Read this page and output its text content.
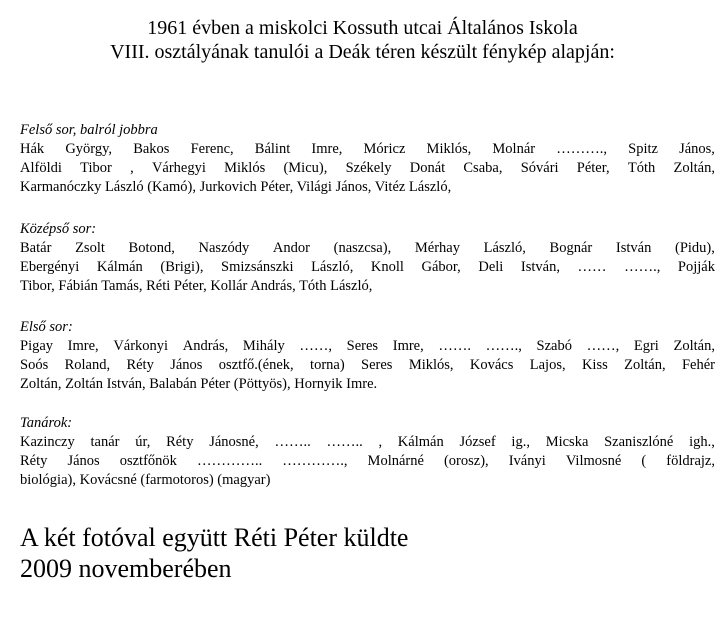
1961 évben a miskolci Kossuth utcai Általános Iskola
VIII. osztályának tanulói a Deák téren készült fénykép alapján:
Felső sor, balról jobbra
Hák György, Bakos Ferenc, Bálint Imre, Móricz Miklós, Molnár ………., Spitz János,
Alföldi Tibor , Várhegyi Miklós (Micu), Székely Donát Csaba, Sóvári Péter, Tóth Zoltán,
Karmanóczky László (Kamó), Jurkovich Péter, Világi János, Vitéz László,
Középső sor:
Batár Zsolt Botond, Naszódy Andor (naszcsa), Mérhay László, Bognár István (Pidu),
Ebergényi Kálmán (Brigi), Smizsánszki László, Knoll Gábor, Deli István, …… ……., Pojják
Tibor, Fábián Tamás, Réti Péter, Kollár András, Tóth László,
Első sor:
Pigay Imre, Várkonyi András, Mihály ……, Seres Imre, ……. ……., Szabó ……, Egri Zoltán,
Soós Roland, Réty János osztfő.(ének, torna) Seres Miklós, Kovács Lajos, Kiss Zoltán, Fehér
Zoltán, Zoltán István, Balabán Péter (Pöttyös), Hornyik Imre.
Tanárok:
Kazinczy tanár úr, Réty Jánosné, …….. …….. , Kálmán József ig., Micska Szaniszlóné igh.,
Réty János osztfőnök ………….. …………., Molnárné (orosz), Iványi Vilmosné ( földrajz,
biológia), Kovácsné (farmotoros) (magyar)
A két fotóval együtt Réti Péter küldte
2009 novemberében
